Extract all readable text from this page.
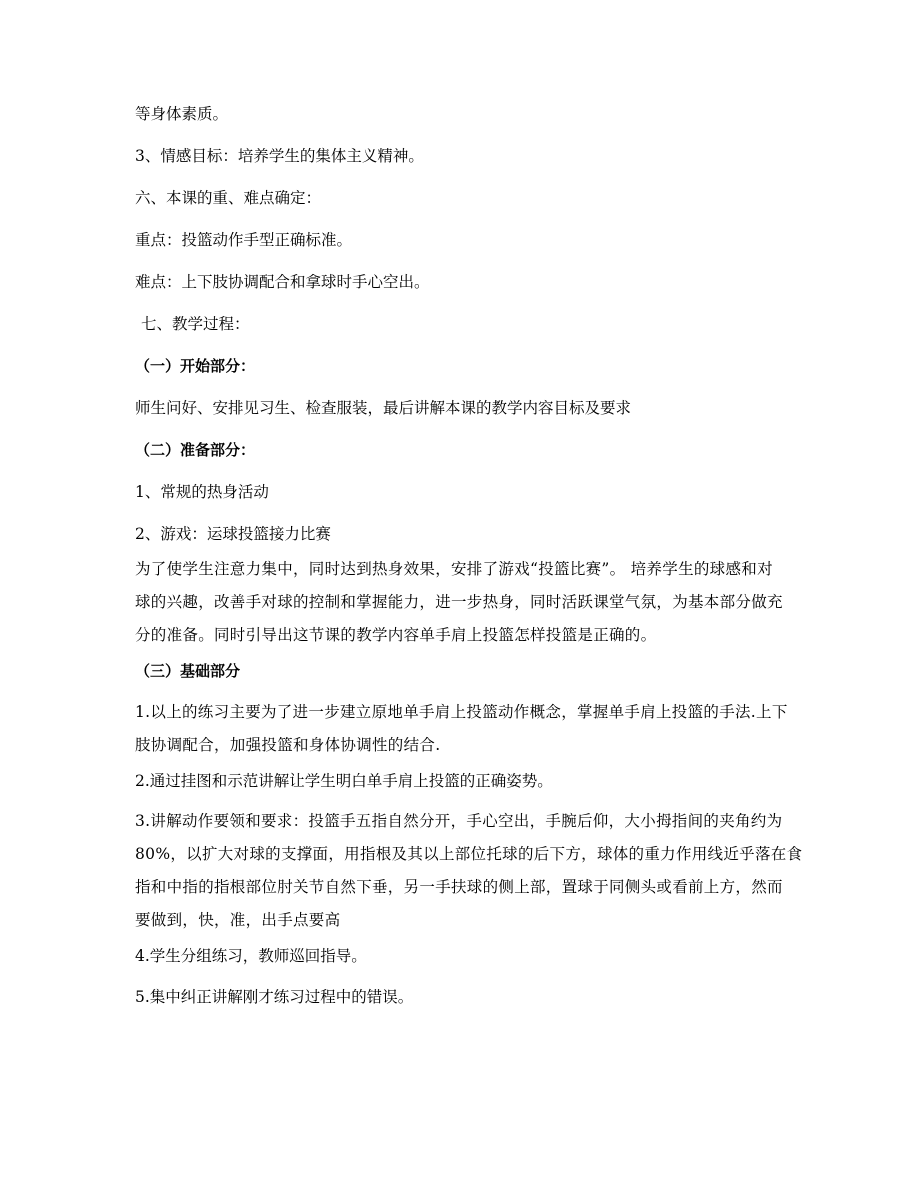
等身体素质。

3、情感目标：培养学生的集体主义精神。

六、本课的重、难点确定：

重点：投篮动作手型正确标准。

难点：上下肢协调配合和拿球时手心空出。

七、教学过程：

（一）开始部分：

师生问好、安排见习生、检查服装，最后讲解本课的教学内容目标及要求

（二）准备部分：

1、常规的热身活动

2、游戏：运球投篮接力比赛

为了使学生注意力集中，同时达到热身效果，安排了游戏“投篮比赛”。 培养学生的球感和对
球的兴趣，改善手对球的控制和掌握能力，进一步热身，同时活跃课堂气氛，为基本部分做充
分的准备。同时引导出这节课的教学内容单手肩上投篮怎样投篮是正确的。

（三）基础部分

1.以上的练习主要为了进一步建立原地单手肩上投篮动作概念，掌握单手肩上投篮的手法.上下
肢协调配合，加强投篮和身体协调性的结合.

2.通过挂图和示范讲解让学生明白单手肩上投篮的正确姿势。

3.讲解动作要领和要求：投篮手五指自然分开，手心空出，手腕后仰，大小拇指间的夹角约为
80%，以扩大对球的支撑面，用指根及其以上部位托球的后下方，球体的重力作用线近乎落在食
指和中指的指根部位肘关节自然下垂，另一手扶球的侧上部，置球于同侧头或看前上方，然而
要做到，快，准，出手点要高

4.学生分组练习，教师巡回指导。

5.集中纠正讲解刚才练习过程中的错误。
